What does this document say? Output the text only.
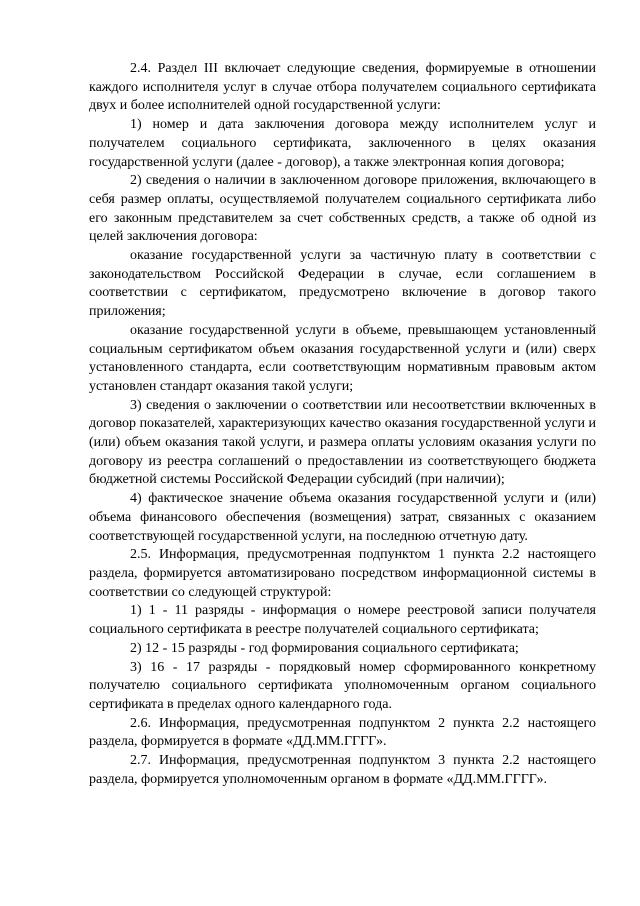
2.4. Раздел III включает следующие сведения, формируемые в отношении каждого исполнителя услуг в случае отбора получателем социального сертификата двух и более исполнителей одной государственной услуги:

1) номер и дата заключения договора между исполнителем услуг и получателем социального сертификата, заключенного в целях оказания государственной услуги (далее - договор), а также электронная копия договора;

2) сведения о наличии в заключенном договоре приложения, включающего в себя размер оплаты, осуществляемой получателем социального сертификата либо его законным представителем за счет собственных средств, а также об одной из целей заключения договора:

оказание государственной услуги за частичную плату в соответствии с законодательством Российской Федерации в случае, если соглашением в соответствии с сертификатом, предусмотрено включение в договор такого приложения;

оказание государственной услуги в объеме, превышающем установленный социальным сертификатом объем оказания государственной услуги и (или) сверх установленного стандарта, если соответствующим нормативным правовым актом установлен стандарт оказания такой услуги;

3) сведения о заключении о соответствии или несоответствии включенных в договор показателей, характеризующих качество оказания государственной услуги и (или) объем оказания такой услуги, и размера оплаты условиям оказания услуги по договору из реестра соглашений о предоставлении из соответствующего бюджета бюджетной системы Российской Федерации субсидий (при наличии);

4) фактическое значение объема оказания государственной услуги и (или) объема финансового обеспечения (возмещения) затрат, связанных с оказанием соответствующей государственной услуги, на последнюю отчетную дату.

2.5. Информация, предусмотренная подпунктом 1 пункта 2.2 настоящего раздела, формируется автоматизировано посредством информационной системы в соответствии со следующей структурой:

1) 1 - 11 разряды - информация о номере реестровой записи получателя социального сертификата в реестре получателей социального сертификата;

2) 12 - 15 разряды - год формирования социального сертификата;

3) 16 - 17 разряды - порядковый номер сформированного конкретному получателю социального сертификата уполномоченным органом социального сертификата в пределах одного календарного года.

2.6. Информация, предусмотренная подпунктом 2 пункта 2.2 настоящего раздела, формируется в формате «ДД.ММ.ГГГГ».

2.7. Информация, предусмотренная подпунктом 3 пункта 2.2 настоящего раздела, формируется уполномоченным органом в формате «ДД.ММ.ГГГГ».
